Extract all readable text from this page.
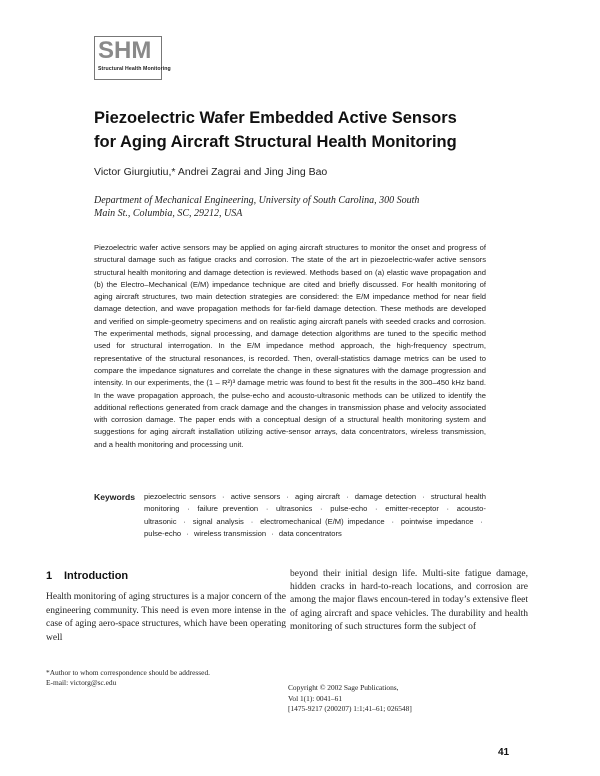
SHM
Structural Health Monitoring
Piezoelectric Wafer Embedded Active Sensors
for Aging Aircraft Structural Health Monitoring
Victor Giurgiutiu,* Andrei Zagrai and Jing Jing Bao
Department of Mechanical Engineering, University of South Carolina, 300 South
Main St., Columbia, SC, 29212, USA
Piezoelectric wafer active sensors may be applied on aging aircraft structures to monitor the onset and progress of structural damage such as fatigue cracks and corrosion. The state of the art in piezoelectric-wafer active sensors structural health monitoring and damage detection is reviewed. Methods based on (a) elastic wave propagation and (b) the Electro–Mechanical (E/M) impedance technique are cited and briefly discussed. For health monitoring of aging aircraft structures, two main detection strategies are considered: the E/M impedance method for near field damage detection, and wave propagation methods for far-field damage detection. These methods are developed and verified on simple-geometry specimens and on realistic aging aircraft panels with seeded cracks and corrosion. The experimental methods, signal processing, and damage detection algorithms are tuned to the specific method used for structural interrogation. In the E/M impedance method approach, the high-frequency spectrum, representative of the structural resonances, is recorded. Then, overall-statistics damage metrics can be used to compare the impedance signatures and correlate the change in these signatures with the damage progression and intensity. In our experiments, the (1 – R²)³ damage metric was found to best fit the results in the 300–450 kHz band. In the wave propagation approach, the pulse-echo and acousto-ultrasonic methods can be utilized to identify the additional reflections generated from crack damage and the changes in transmission phase and velocity associated with corrosion damage. The paper ends with a conceptual design of a structural health monitoring system and suggestions for aging aircraft installation utilizing active-sensor arrays, data concentrators, wireless transmission, and a health monitoring and processing unit.
Keywords piezoelectric sensors · active sensors · aging aircraft · damage detection · structural health monitoring · failure prevention · ultrasonics · pulse-echo · emitter-receptor · acousto-ultrasonic · signal analysis · electromechanical (E/M) impedance · pointwise impedance · pulse-echo · wireless transmission · data concentrators
1 Introduction
Health monitoring of aging structures is a major concern of the engineering community. This need is even more intense in the case of aging aero-space structures, which have been operating well
beyond their initial design life. Multi-site fatigue damage, hidden cracks in hard-to-reach locations, and corrosion are among the major flaws encoun-tered in today’s extensive fleet of aging aircraft and space vehicles. The durability and health monitoring of such structures form the subject of
*Author to whom correspondence should be addressed.
E-mail: victorg@sc.edu
Copyright © 2002 Sage Publications,
Vol 1(1): 0041–61
[1475-9217 (200207) 1:1;41–61; 026548]
41
